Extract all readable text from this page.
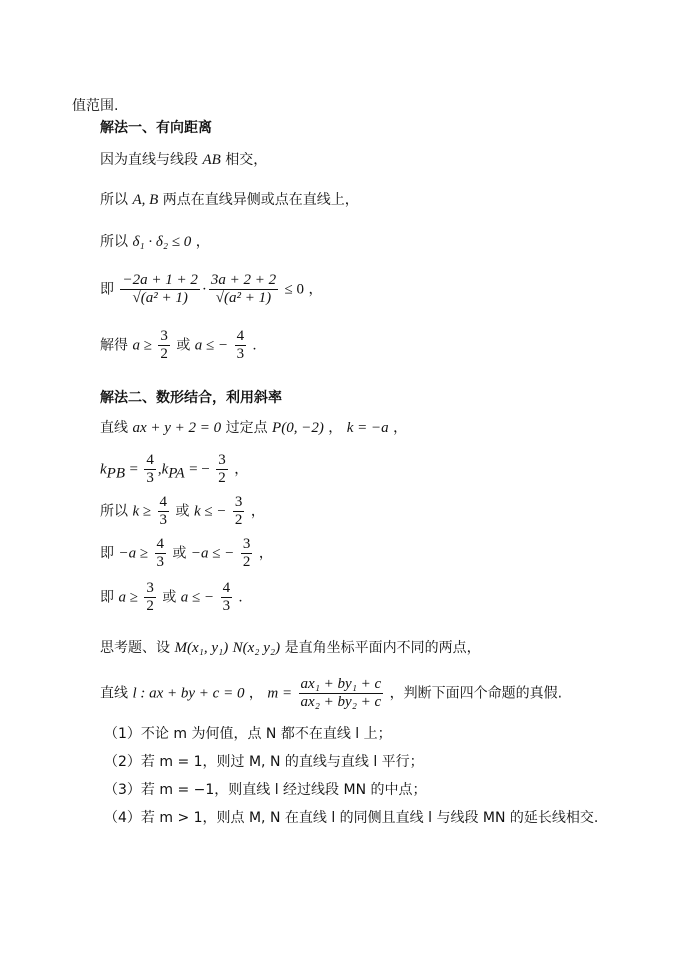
值范围.
解法一、有向距离
因为直线与线段 AB 相交，
所以 A, B 两点在直线异侧或点在直线上，
所以 δ₁ · δ₂ ≤ 0 ，
即 $\frac{-2a + 1 + 2}{\text{√(a² + 1)}} \cdot \frac{3a + 2 + 2}{\text{√(a² + 1)}} \le 0$ ，
解得 $a \ge \frac{3}{2}$ 或 a ≤ − $\frac{4}{3}$ .
解法二、数形结合，利用斜率
直线 ax + y + 2 = 0 过定点 P(0, −2) ， k = −a ，
$k_{PB} = \frac{4}{3} ,k_{PA}$ = − $\frac{3}{2}$ ，
所以 $k \ge \frac{4}{3}$ 或 k ≤ − $\frac{3}{2}$ ，
即 $-a \ge \frac{4}{3}$ 或 −a ≤ − $\frac{3}{2}$ ，
即 $a \ge \frac{3}{2}$ 或 a ≤ − $\frac{4}{3}$ .
思考题、设 M(x₁, y₁) N(x₂ y₂) 是直角坐标平面内不同的两点，
直线 l : ax + by + c = 0 ， $m = \frac{\text{ax₁ + by₁ + c}}{\text{ax₂ + by₂ + c}}$ ，判断下面四个命题的真假.
（1）不论 m 为何值，点 N 都不在直线 l 上；
（2）若 m = 1，则过 M, N 的直线与直线 l 平行；
（3）若 m = −1，则直线 l 经过线段 MN 的中点；
（4）若 m > 1，则点 M, N 在直线 l 的同侧且直线 l 与线段 MN 的延长线相交.
